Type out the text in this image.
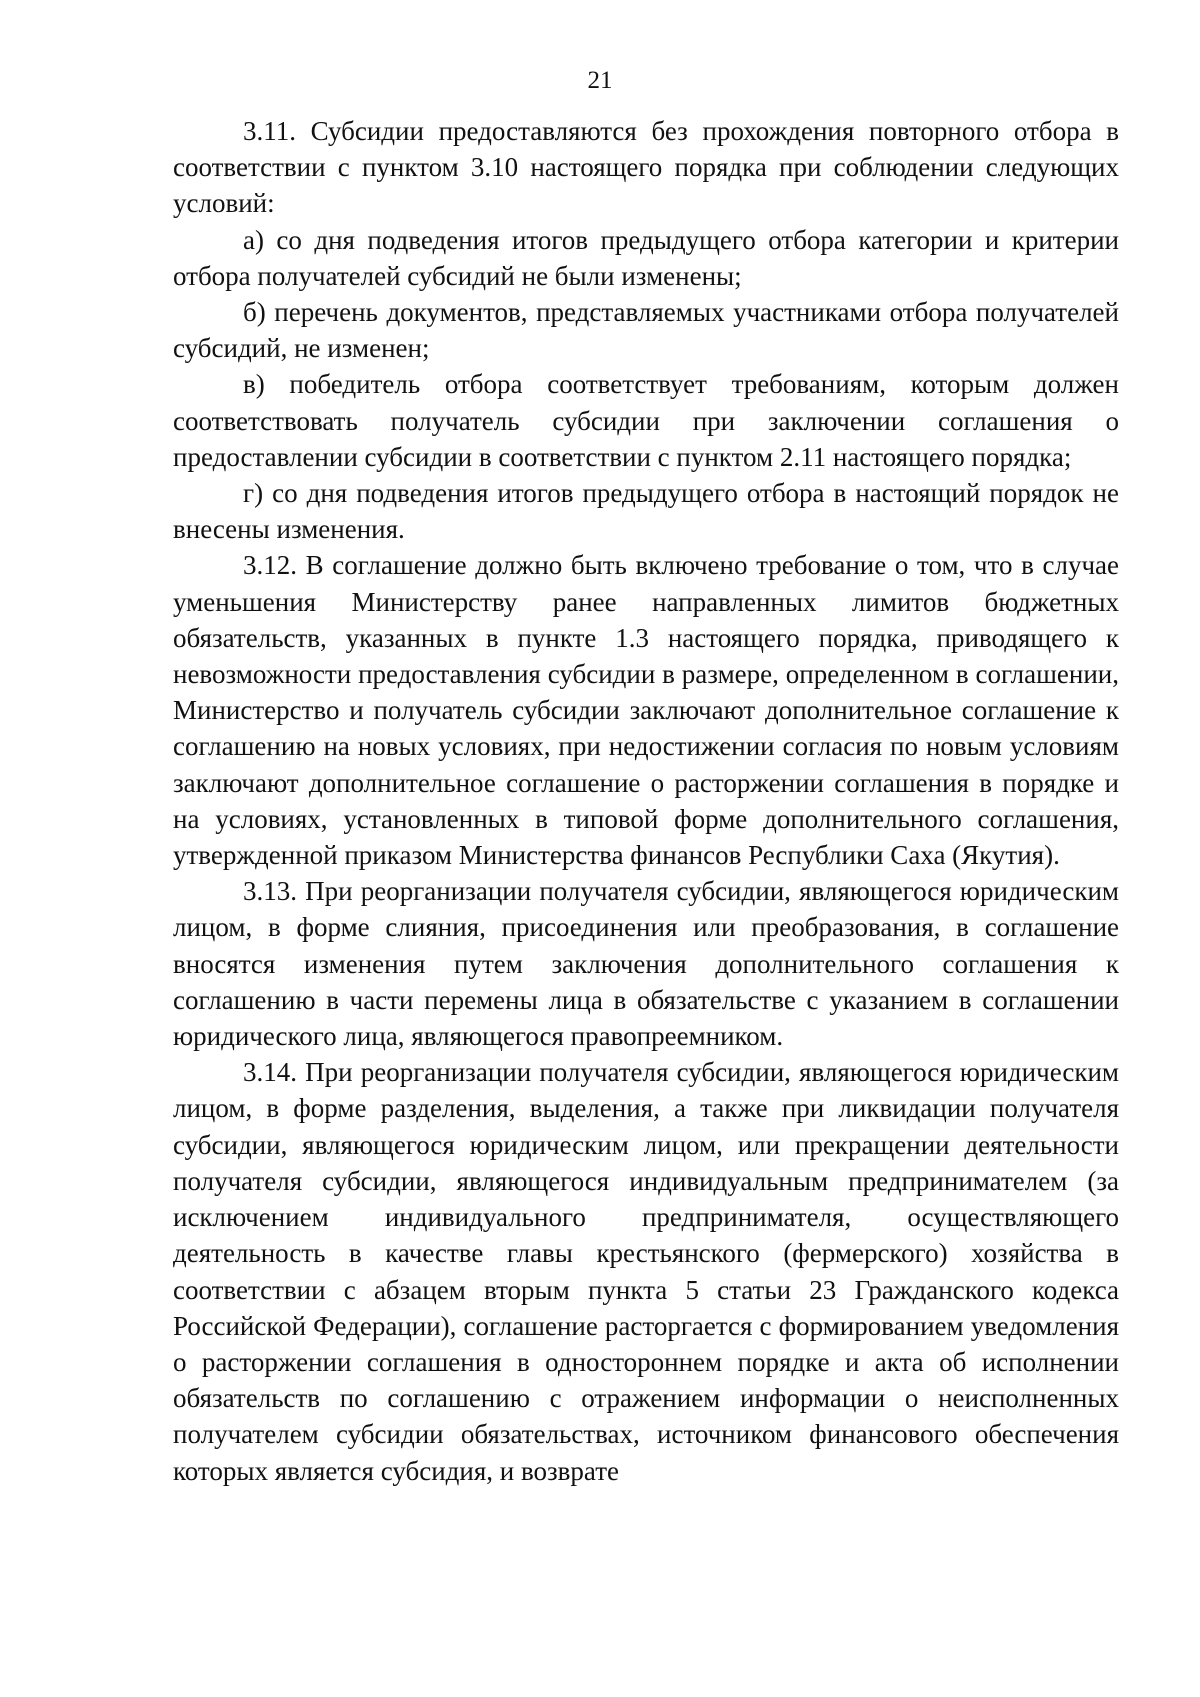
21

3.11. Субсидии предоставляются без прохождения повторного отбора в соответствии с пунктом 3.10 настоящего порядка при соблюдении следующих условий:

а) со дня подведения итогов предыдущего отбора категории и критерии отбора получателей субсидий не были изменены;

б) перечень документов, представляемых участниками отбора получателей субсидий, не изменен;

в) победитель отбора соответствует требованиям, которым должен соответствовать получатель субсидии при заключении соглашения о предоставлении субсидии в соответствии с пунктом 2.11 настоящего порядка;

г) со дня подведения итогов предыдущего отбора в настоящий порядок не внесены изменения.

3.12. В соглашение должно быть включено требование о том, что в случае уменьшения Министерству ранее направленных лимитов бюджетных обязательств, указанных в пункте 1.3 настоящего порядка, приводящего к невозможности предоставления субсидии в размере, определенном в соглашении, Министерство и получатель субсидии заключают дополнительное соглашение к соглашению на новых условиях, при недостижении согласия по новым условиям заключают дополнительное соглашение о расторжении соглашения в порядке и на условиях, установленных в типовой форме дополнительного соглашения, утвержденной приказом Министерства финансов Республики Саха (Якутия).

3.13. При реорганизации получателя субсидии, являющегося юридическим лицом, в форме слияния, присоединения или преобразования, в соглашение вносятся изменения путем заключения дополнительного соглашения к соглашению в части перемены лица в обязательстве с указанием в соглашении юридического лица, являющегося правопреемником.

3.14. При реорганизации получателя субсидии, являющегося юридическим лицом, в форме разделения, выделения, а также при ликвидации получателя субсидии, являющегося юридическим лицом, или прекращении деятельности получателя субсидии, являющегося индивидуальным предпринимателем (за исключением индивидуального предпринимателя, осуществляющего деятельность в качестве главы крестьянского (фермерского) хозяйства в соответствии с абзацем вторым пункта 5 статьи 23 Гражданского кодекса Российской Федерации), соглашение расторгается с формированием уведомления о расторжении соглашения в одностороннем порядке и акта об исполнении обязательств по соглашению с отражением информации о неисполненных получателем субсидии обязательствах, источником финансового обеспечения которых является субсидия, и возврате
